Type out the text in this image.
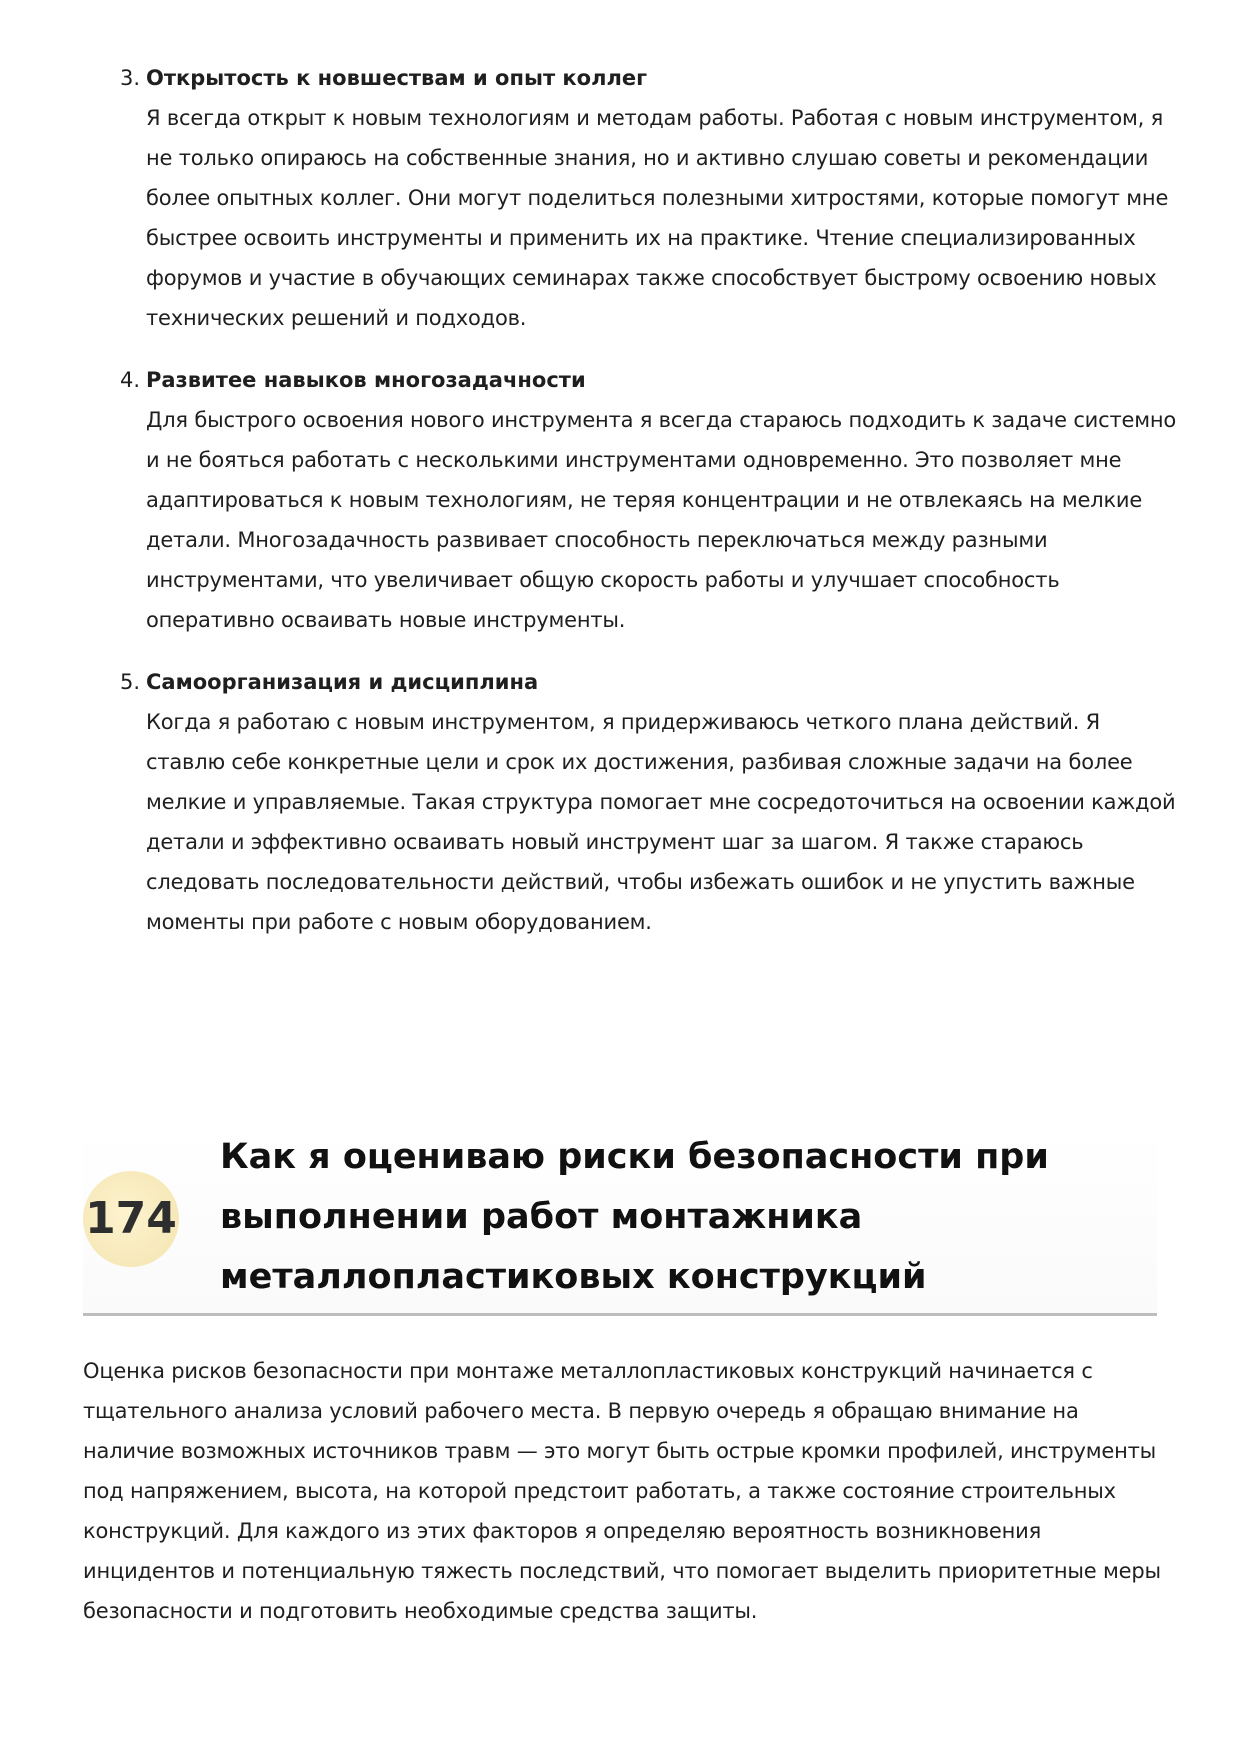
3. Открытость к новшествам и опыт коллег
Я всегда открыт к новым технологиям и методам работы. Работая с новым инструментом, я не только опираюсь на собственные знания, но и активно слушаю советы и рекомендации более опытных коллег. Они могут поделиться полезными хитростями, которые помогут мне быстрее освоить инструменты и применить их на практике. Чтение специализированных форумов и участие в обучающих семинарах также способствует быстрому освоению новых технических решений и подходов.
4. Развитее навыков многозадачности
Для быстрого освоения нового инструмента я всегда стараюсь подходить к задаче системно и не бояться работать с несколькими инструментами одновременно. Это позволяет мне адаптироваться к новым технологиям, не теряя концентрации и не отвлекаясь на мелкие детали. Многозадачность развивает способность переключаться между разными инструментами, что увеличивает общую скорость работы и улучшает способность оперативно осваивать новые инструменты.
5. Самоорганизация и дисциплина
Когда я работаю с новым инструментом, я придерживаюсь четкого плана действий. Я ставлю себе конкретные цели и срок их достижения, разбивая сложные задачи на более мелкие и управляемые. Такая структура помогает мне сосредоточиться на освоении каждой детали и эффективно осваивать новый инструмент шаг за шагом. Я также стараюсь следовать последовательности действий, чтобы избежать ошибок и не упустить важные моменты при работе с новым оборудованием.
174
Как я оцениваю риски безопасности при выполнении работ монтажника металлопластиковых конструкций

Оценка рисков безопасности при монтаже металлопластиковых конструкций начинается с тщательного анализа условий рабочего места. В первую очередь я обращаю внимание на наличие возможных источников травм — это могут быть острые кромки профилей, инструменты под напряжением, высота, на которой предстоит работать, а также состояние строительных конструкций. Для каждого из этих факторов я определяю вероятность возникновения инцидентов и потенциальную тяжесть последствий, что помогает выделить приоритетные меры безопасности и подготовить необходимые средства защиты.
